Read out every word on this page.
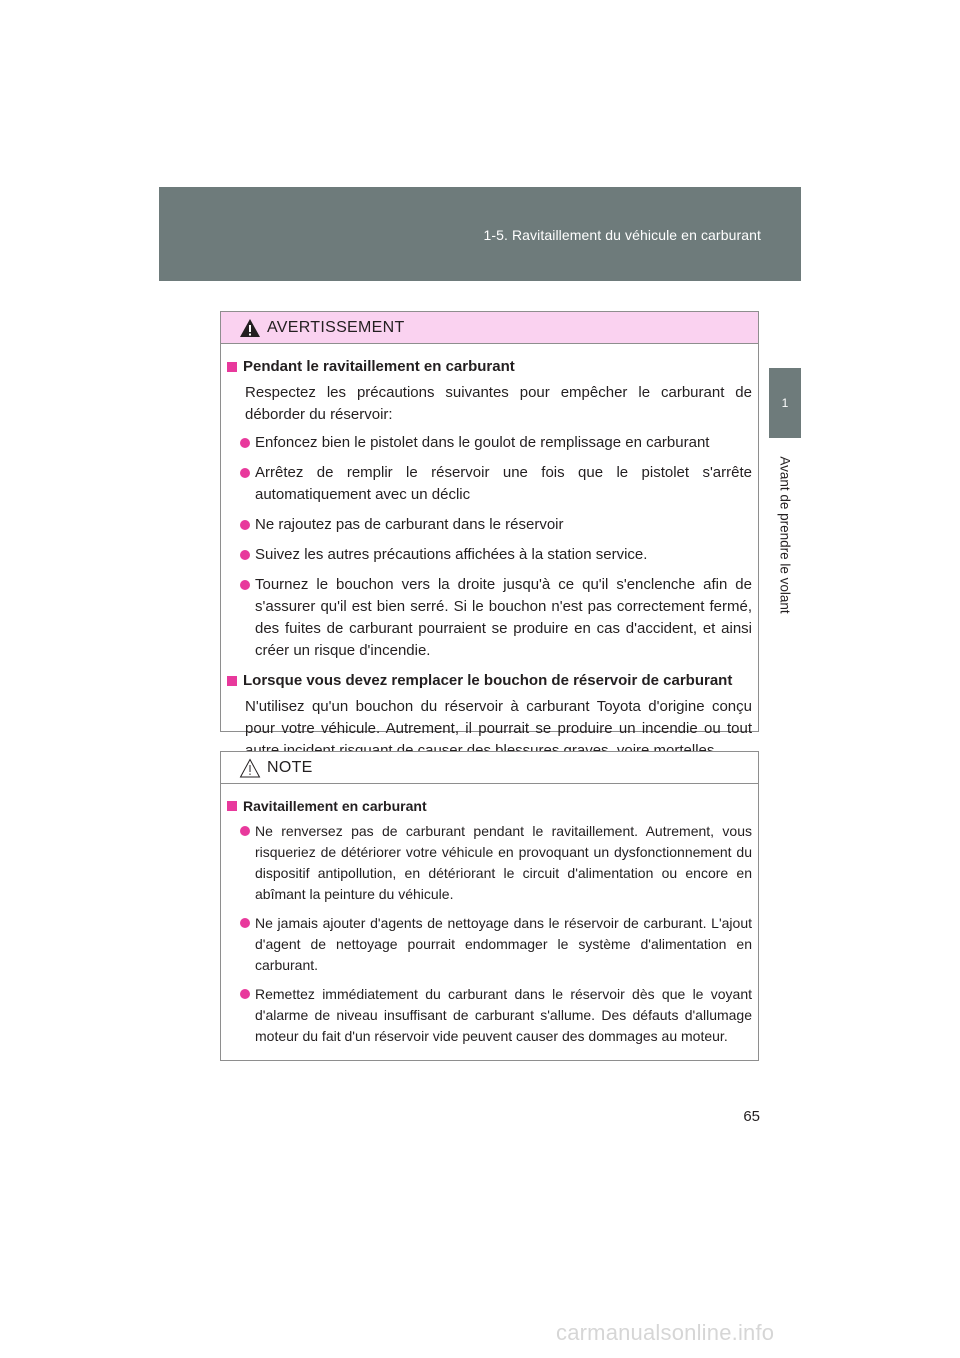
1-5. Ravitaillement du véhicule en carburant
1
Avant de prendre le volant
AVERTISSEMENT
Pendant le ravitaillement en carburant

Respectez les précautions suivantes pour empêcher le carburant de déborder du réservoir:

Enfoncez bien le pistolet dans le goulot de remplissage en carburant
Arrêtez de remplir le réservoir une fois que le pistolet s'arrête automatiquement avec un déclic
Ne rajoutez pas de carburant dans le réservoir
Suivez les autres précautions affichées à la station service.
Tournez le bouchon vers la droite jusqu'à ce qu'il s'enclenche afin de s'assurer qu'il est bien serré. Si le bouchon n'est pas correctement fermé, des fuites de carburant pourraient se produire en cas d'accident, et ainsi créer un risque d'incendie.
Lorsque vous devez remplacer le bouchon de réservoir de carburant

N'utilisez qu'un bouchon du réservoir à carburant Toyota d'origine conçu pour votre véhicule. Autrement, il pourrait se produire un incendie ou tout

NOTE
Ravitaillement en carburant
Ne renversez pas de carburant pendant le ravitaillement. Autrement, vous risqueriez de détériorer votre véhicule en provoquant un dysfonctionnement du dispositif antipollution, en détériorant le circuit d'alimentation ou encore en abîmant la peinture du véhicule.
Ne jamais ajouter d'agents de nettoyage dans le réservoir de carburant. L'ajout d'agent de nettoyage pourrait endommager le système d'alimentation en carburant.
Remettez immédiatement du carburant dans le réservoir dès que le voyant d'alarme de niveau insuffisant de carburant s'allume. Des défauts d'allumage moteur du fait d'un réservoir vide peuvent causer des dommages au moteur.
65
carmanualsonline.info
